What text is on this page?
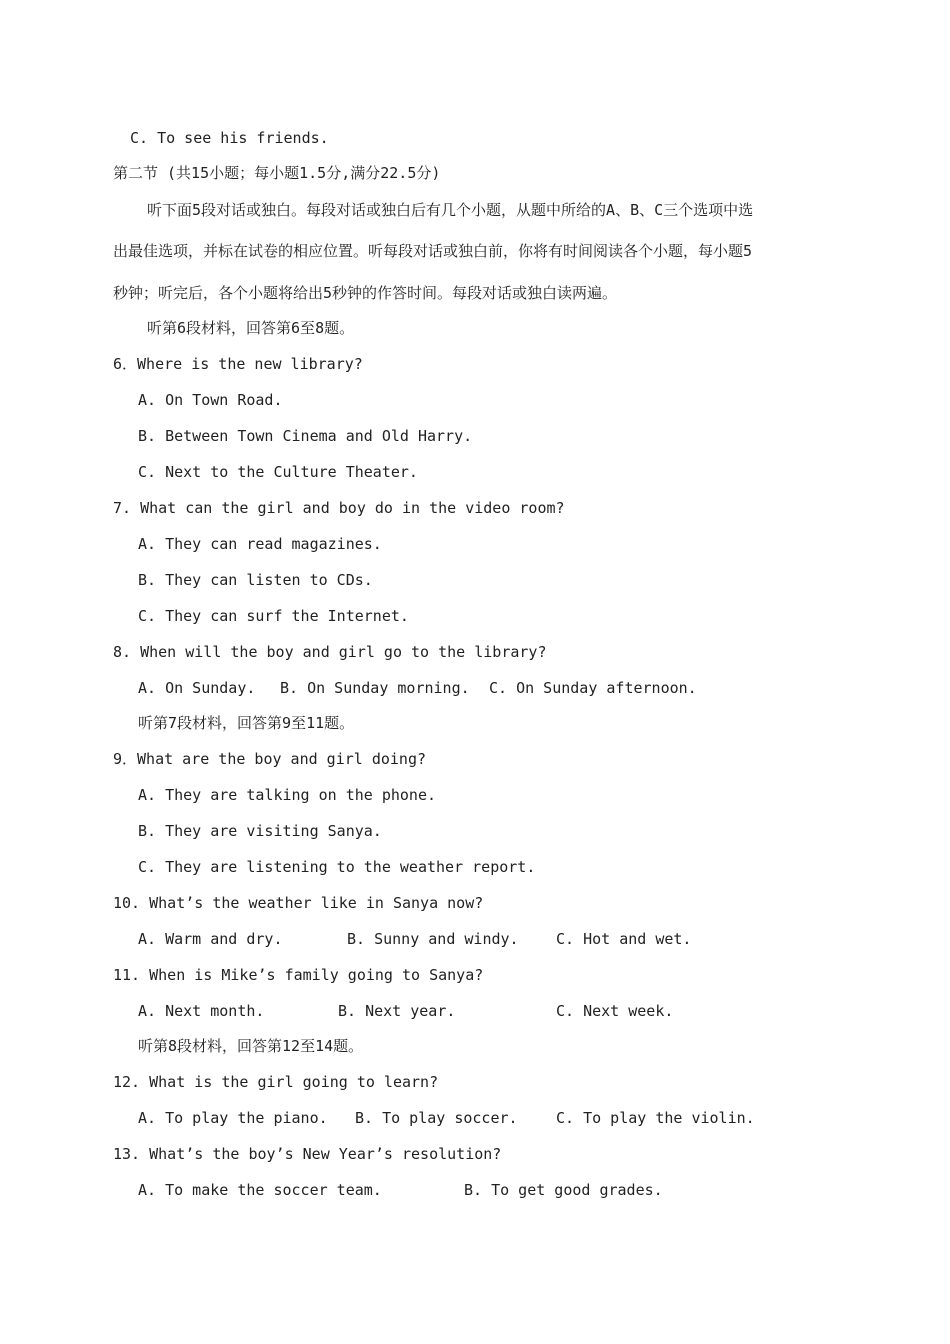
C. To see his friends.
第二节 (共15小题；每小题1.5分,满分22.5分)
听下面5段对话或独白。每段对话或独白后有几个小题，从题中所给的A、B、C三个选项中选
出最佳选项，并标在试卷的相应位置。听每段对话或独白前，你将有时间阅读各个小题，每小题5
秒钟；听完后，各个小题将给出5秒钟的作答时间。每段对话或独白读两遍。
听第6段材料，回答第6至8题。
6．Where is the new library?
A. On Town Road.
B. Between Town Cinema and Old Harry.
C. Next to the Culture Theater.
7. What can the girl and boy do in the video room?
A. They can read magazines.
B. They can listen to CDs.
C. They can surf the Internet.
8. When will the boy and girl go to the library?
A. On Sunday. B. On Sunday morning. C. On Sunday afternoon.
听第7段材料，回答第9至11题。
9．What are the boy and girl doing?
A. They are talking on the phone.
B. They are visiting Sanya.
C. They are listening to the weather report.
10. What’s the weather like in Sanya now?
A. Warm and dry.	B. Sunny and windy. C. Hot and wet.
11. When is Mike’s family going to Sanya?
A. Next month.	B. Next year.	C. Next week.
听第8段材料，回答第12至14题。
12. What is the girl going to learn?
A. To play the piano. B. To play soccer.	C. To play the violin.
13. What’s the boy’s New Year’s resolution?
A. To make the soccer team.	B. To get good grades.
